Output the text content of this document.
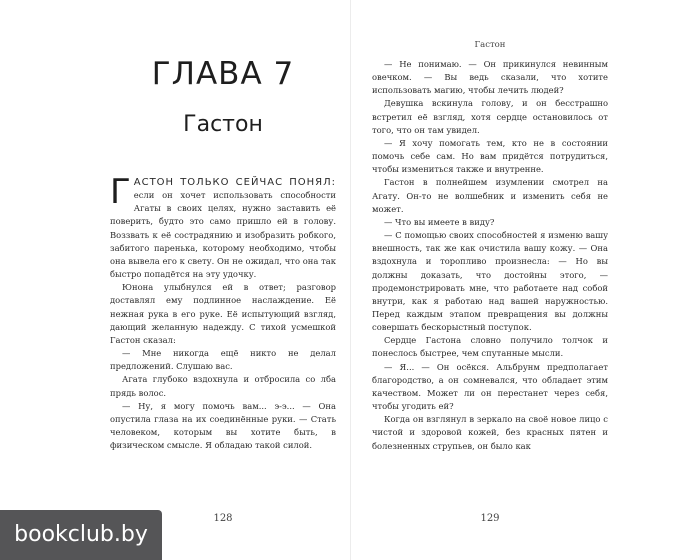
ГЛАВА 7
Гастон

Г АСТОН ТОЛЬКО СЕЙЧАС ПОНЯЛ: если он хочет использовать способности Агаты в своих целях, нужно заставить её поверить, будто это само пришло ей в голову. Воззвать к её сострадянию и изобразить робкого, забитого паренька, которому необходимо, чтобы она вывела его к свету. Он не ожидал, что она так быстро попадётся на эту удочку.

Юнона улыбнулся ей в ответ; разговор доставлял ему подлинное наслаждение. Её нежная рука в его руке. Её испытующий взгляд, дающий желанную надежду. С тихой усмешкой Гастон сказал:

— Мне никогда ещё никто не делал предложений. Слушаю вас.

Агата глубоко вздохнула и отбросила со лба прядь волос.

— Ну, я могу помочь вам... э-э... — Она опустила глаза на их соединённые руки. — Стать человеком, которым вы хотите быть, в физическом смысле. Я обладаю такой силой.

128
Гастон

— Не понимаю. — Он прикинулся невинным овечком. — Вы ведь сказали, что хотите использовать магию, чтобы лечить людей?

Девушка вскинула голову, и он бесстрашно встретил её взгляд, хотя сердце остановилось от того, что он там увидел.

— Я хочу помогать тем, кто не в состоянии помочь себе сам. Но вам придётся потрудиться, чтобы измениться также и внутренне.

Гастон в полнейшем изумлении смотрел на Агату. Он-то не волшебник и изменить себя не может.

— Что вы имеете в виду?

— С помощью своих способностей я изменю вашу внешность, так же как очистила вашу кожу. — Она вздохнула и торопливо произнесла: — Но вы должны доказать, что достойны этого, — продемонстрировать мне, что работаете над собой внутри, как я работаю над вашей наружностью. Перед каждым этапом превращения вы должны совершать бескорыстный поступок.

Сердце Гастона словно получило толчок и понеслось быстрее, чем спутанные мысли.

— Я... — Он осёкся. Альбрунм предполагает благородство, а он сомневался, что обладает этим качеством. Может ли он перестанет через себя, чтобы угодить ей?

Когда он взглянул в зеркало на своё новое лицо с чистой и здоровой кожей, без красных пятен и болезненных струпьев, он было как

129
bookclub.by
